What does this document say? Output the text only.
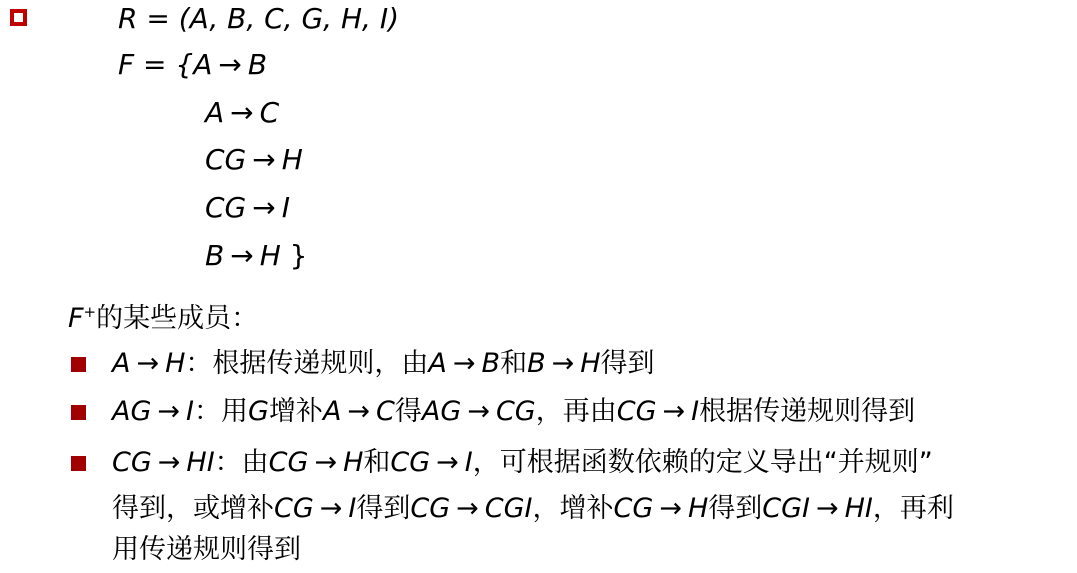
R = (A, B, C, G, H, I)
F = {A → B
A → C
CG → H
CG → I
B → H }
F+的某些成员：
A → H：根据传递规则，由A → B和B → H得到
AG → I：用G增补A → C得AG → CG，再由CG → I根据传递规则得到
CG → HI：由CG → H和CG → I，可根据函数依赖的定义导出“并规则”
得到，或增补CG → I得到CG → CGI，增补CG → H得到CGI → HI，再利
用传递规则得到
